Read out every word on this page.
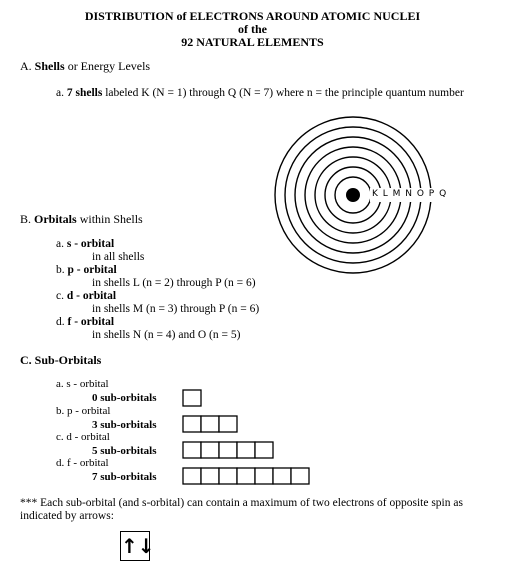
DISTRIBUTION of ELECTRONS AROUND ATOMIC NUCLEI
of the
92 NATURAL ELEMENTS
A. Shells or Energy Levels
a. 7 shells labeled K (N = 1) through Q (N = 7) where n = the principle quantum number
K L M N O P Q
B. Orbitals within Shells
a. s - orbital
in all shells
b. p - orbital
in shells L (n = 2) through P (n = 6)
c. d - orbital
in shells M (n = 3) through P (n = 6)
d. f - orbital
in shells N (n = 4) and O (n = 5)
C. Sub-Orbitals
a. s - orbital
0 sub-orbitals
b. p - orbital
3 sub-orbitals
c. d - orbital
5 sub-orbitals
d. f - orbital
7 sub-orbitals
*** Each sub-orbital (and s-orbital) can contain a maximum of two electrons of opposite spin as
indicated by arrows:
↑↓
